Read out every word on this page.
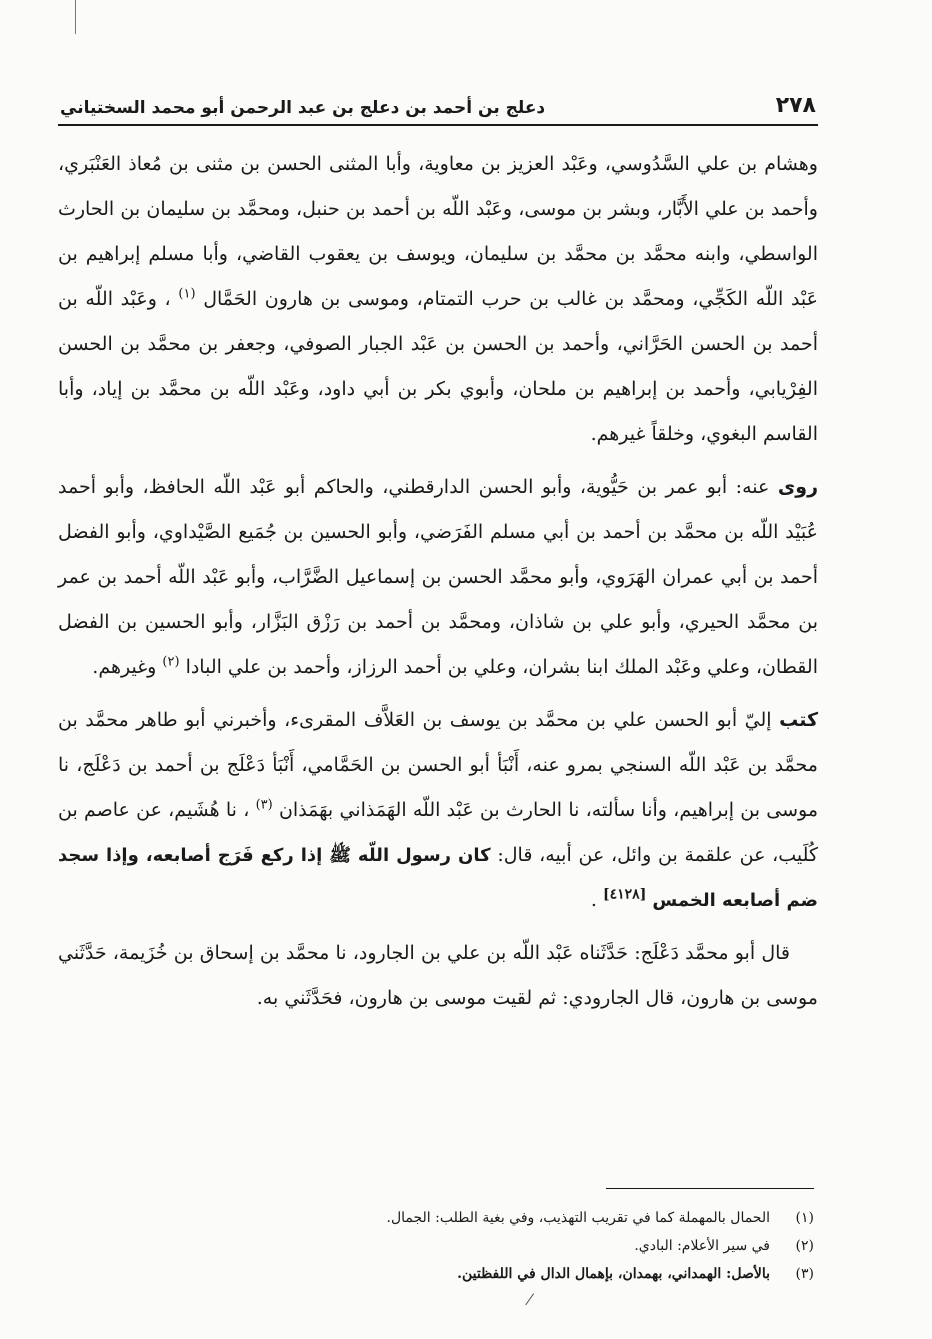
٢٧٨
دعلج بن أحمد بن دعلج بن عبد الرحمن أبو محمد السختياني

وهشام بن علي السَّدُوسي، وعَبْد العزيز بن معاوية، وأبا المثنى الحسن بن مثنى بن مُعاذ العَنْبَري، وأحمد بن علي الأَبَّار، وبشر بن موسى، وعَبْد اللّه بن أحمد بن حنبل، ومحمَّد بن سليمان بن الحارث الواسطي، وابنه محمَّد بن محمَّد بن سليمان، ويوسف بن يعقوب القاضي، وأبا مسلم إبراهيم بن عَبْد اللّه الكَجِّي، ومحمَّد بن غالب بن حرب التمتام، وموسى بن هارون الحَمَّال $^{(١)}$ ، وعَبْد اللّه بن أحمد بن الحسن الحَرَّاني، وأحمد بن الحسن بن عَبْد الجبار الصوفي، وجعفر بن محمَّد بن الحسن الفِرْيابي، وأحمد بن إبراهيم بن ملحان، وأبوي بكر بن أبي داود، وعَبْد اللّه بن محمَّد بن إياد، وأبا القاسم البغوي، وخلقاً غيرهم.

روى عنه: أبو عمر بن حَيُّوية، وأبو الحسن الدارقطني، والحاكم أبو عَبْد اللّه الحافظ، وأبو أحمد عُبَيْد اللّه بن محمَّد بن أحمد بن أبي مسلم الفَرَضي، وأبو الحسين بن جُمَيع الصَّيْداوي، وأبو الفضل أحمد بن أبي عمران الهَرَوي، وأبو محمَّد الحسن بن إسماعيل الضَّرَّاب، وأبو عَبْد اللّه أحمد بن عمر بن محمَّد الحيري، وأبو علي بن شاذان، ومحمَّد بن أحمد بن رَزْق البَزَّار، وأبو الحسين بن الفضل القطان، وعلي وعَبْد الملك ابنا بشران، وعلي بن أحمد الرزاز، وأحمد بن علي البادا $^{(٢)}$ وغيرهم.

كتب إليّ أبو الحسن علي بن محمَّد بن يوسف بن العَلاَّف المقرىء، وأخبرني أبو طاهر محمَّد بن محمَّد بن عَبْد اللّه السنجي بمرو عنه، أَنْبَأ أبو الحسن بن الحَمَّامي، أَنْبَأ دَعْلَج بن أحمد بن دَعْلَج، نا موسى بن إبراهيم، وأنا سألته، نا الحارث بن عَبْد اللّه الهَمَذاني بهَمَذان $^{(٣)}$ ، نا هُشَيم، عن عاصم بن كُلَيب، عن علقمة بن وائل، عن أبيه، قال: كان رسول اللّه ﷺ إذا ركع فَرَج أصابعه، وإذا سجد ضم أصابعه الخمس [٤١٢٨] .

قال أبو محمَّد دَعْلَج: حَدَّثَناه عَبْد اللّه بن علي بن الجارود، نا محمَّد بن إسحاق بن خُزَيمة، حَدَّثَني موسى بن هارون، قال الجارودي: ثم لقيت موسى بن هارون، فحَدَّثَني به.

(١)
الحمال بالمهملة كما في تقريب التهذيب، وفي بغية الطلب: الجمال.
(٢)
في سير الأعلام: البادي.
(٣)
بالأصل: الهمداني، بهمدان، بإهمال الدال في اللفظتين.
